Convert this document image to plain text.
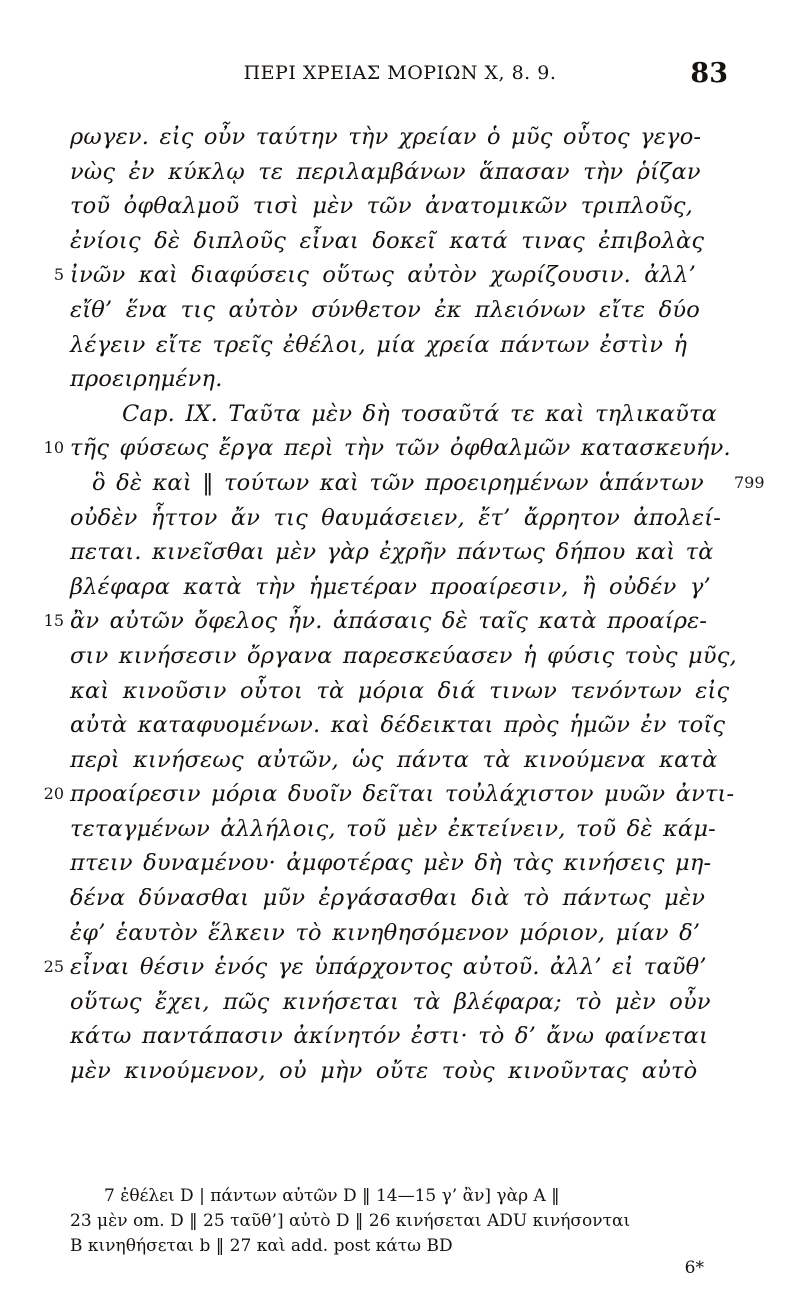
ΠΕΡΙ ΧΡΕΙΑΣ ΜΟΡΙΩΝ Χ, 8. 9.	83
ρωγεν. εἰς οὖν ταύτην τὴν χρείαν ὁ μῦς οὗτος γεγο-
νὼς ἐν κύκλῳ τε περιλαμβάνων ἅπασαν τὴν ῥίζαν
τοῦ ὀφθαλμοῦ τισὶ μὲν τῶν ἀνατομικῶν τριπλοῦς,
ἐνίοις δὲ διπλοῦς εἶναι δοκεῖ κατά τινας ἐπιβολὰς
5 ἰνῶν καὶ διαφύσεις οὕτως αὐτὸν χωρίζουσιν. ἀλλ’
εἴθ’ ἕνα τις αὐτὸν σύνθετον ἐκ πλειόνων εἴτε δύο
λέγειν εἴτε τρεῖς ἐθέλοι, μία χρεία πάντων ἐστὶν ἡ
προειρημένη.
Cap. IX. Ταῦτα μὲν δὴ τοσαῦτά τε καὶ τηλικαῦτα
10 τῆς φύσεως ἔργα περὶ τὴν τῶν ὀφθαλμῶν κατασκευήν.
ὃ δὲ καὶ ‖ τούτων καὶ τῶν προειρημένων ἁπάντων	799
οὐδὲν ἧττον ἄν τις θαυμάσειεν, ἔτ’ ἄρρητον ἀπολεί-
πεται. κινεῖσθαι μὲν γὰρ ἐχρῆν πάντως δήπου καὶ τὰ
βλέφαρα κατὰ τὴν ἡμετέραν προαίρεσιν, ἢ οὐδέν γ’
15 ἂν αὐτῶν ὄφελος ἦν. ἁπάσαις δὲ ταῖς κατὰ προαίρε-
σιν κινήσεσιν ὄργανα παρεσκεύασεν ἡ φύσις τοὺς μῦς,
καὶ κινοῦσιν οὗτοι τὰ μόρια διά τινων τενόντων εἰς
αὐτὰ καταφυομένων. καὶ δέδεικται πρὸς ἡμῶν ἐν τοῖς
περὶ κινήσεως αὐτῶν, ὡς πάντα τὰ κινούμενα κατὰ
20 προαίρεσιν μόρια δυοῖν δεῖται τοὐλάχιστον μυῶν ἀντι-
τεταγμένων ἀλλήλοις, τοῦ μὲν ἐκτείνειν, τοῦ δὲ κάμ-
πτειν δυναμένου· ἀμφοτέρας μὲν δὴ τὰς κινήσεις μη-
δένα δύνασθαι μῦν ἐργάσασθαι διὰ τὸ πάντως μὲν
ἐφ’ ἑαυτὸν ἕλκειν τὸ κινηθησόμενον μόριον, μίαν δ’
25 εἶναι θέσιν ἑνός γε ὑπάρχοντος αὐτοῦ. ἀλλ’ εἰ ταῦθ’
οὕτως ἔχει, πῶς κινήσεται τὰ βλέφαρα; τὸ μὲν οὖν
κάτω παντάπασιν ἀκίνητόν ἐστι· τὸ δ’ ἄνω φαίνεται
μὲν κινούμενον, οὐ μὴν οὔτε τοὺς κινοῦντας αὐτὸ
7 ἐθέλει D | πάντων αὐτῶν D ‖ 14—15 γ’ ἂν] γὰρ A ‖
23 μὲν om. D ‖ 25 ταῦθ’] αὐτὸ D ‖ 26 κινήσεται ADU κινήσονται
B κινηθήσεται b ‖ 27 καὶ add. post κάτω BD
6*
